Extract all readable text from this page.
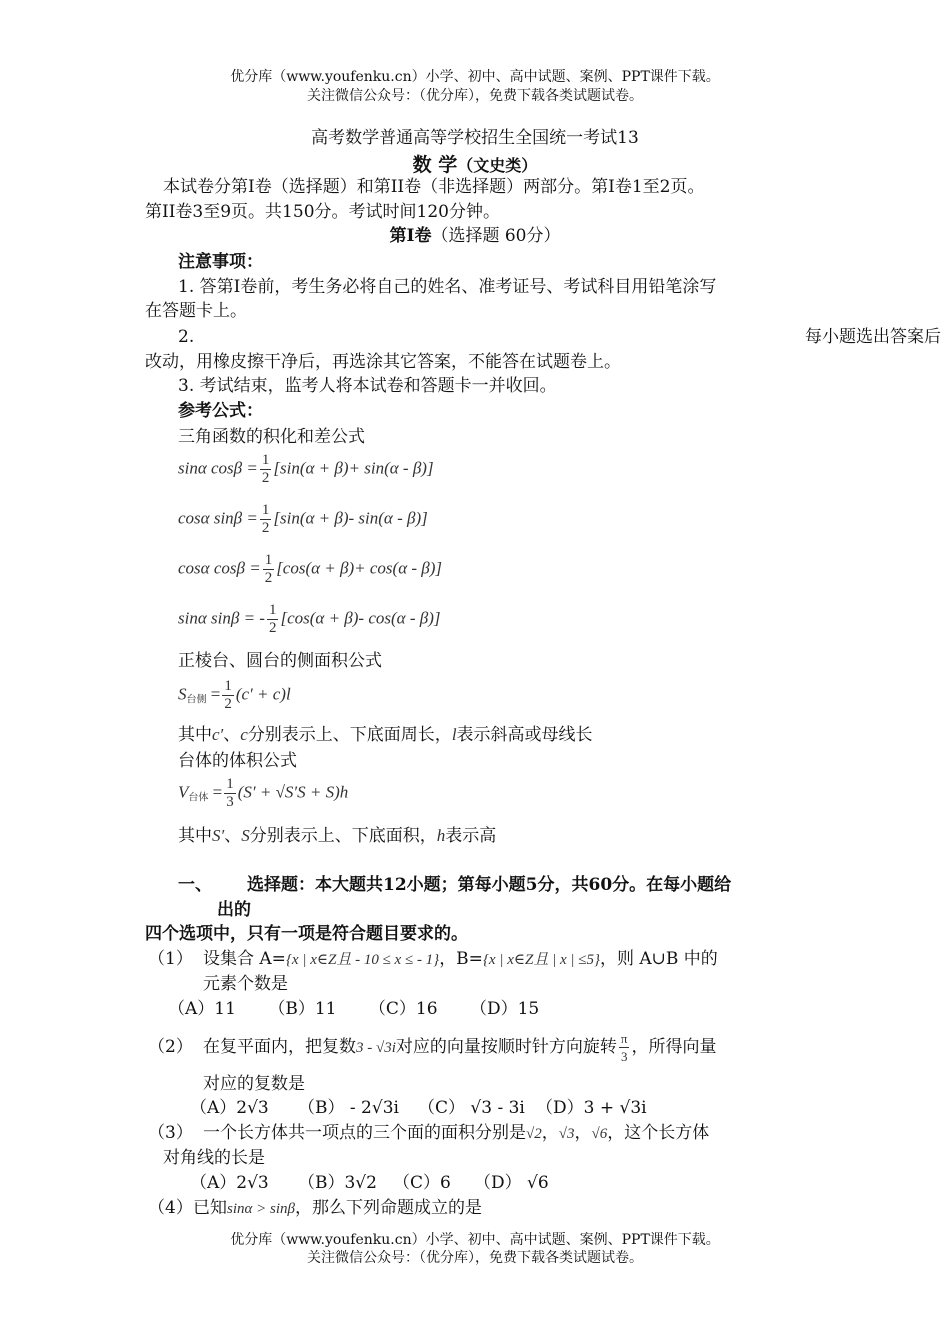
优分库（www.youfenku.cn）小学、初中、高中试题、案例、PPT课件下载。
关注微信公众号：（优分库），免费下载各类试题试卷。
高考数学普通高等学校招生全国统一考试13
数 学（文史类）
本试卷分第I卷（选择题）和第II卷（非选择题）两部分。第I卷1至2页。
第II卷3至9页。共150分。考试时间120分钟。
第I卷（选择题 60分）
注意事项：
1. 答第Ⅰ卷前，考生务必将自己的姓名、准考证号、考试科目用铅笔涂写
在答题卡上。
2.	每小题选出答案后
改动，用橡皮擦干净后，再选涂其它答案，不能答在试题卷上。
3. 考试结束，监考人将本试卷和答题卡一并收回。
参考公式：
三角函数的积化和差公式
sinα $\cos\beta = \frac{1}{2} [\sin(\alpha + \beta)+ \sin(\alpha - \beta)]$
cosα $\sin\beta = \frac{1}{2} [\sin(\alpha + \beta)-$ sin(α - β)]
cosα $\cos\beta = \frac{1}{2} [\cos(\alpha + \beta)+ \cos(\alpha - \beta)]$
sinα sinβ = - $\frac{1}{2} [\cos(\alpha + \beta)-$ cos(α - β)]
正棱台、圆台的侧面积公式
$S_{台侧} = \frac{1}{2} (c' + c)l$
其中c′、c分别表示上、下底面周长，l表示斜高或母线长
台体的体积公式
$V_{台体} = \frac{1}{3} (S' + √S'S + S)h$
其中S′、S分别表示上、下底面积，h表示高
一、 选择题：本大题共12小题；第每小题5分，共60分。在每小题给
出的
四个选项中，只有一项是符合题目要求的。
（1） 设集合 A={x | x∈Z且 - 10 ≤ x ≤ - 1}，B={x | x∈Z且 | x | ≤5}，则 A∪B 中的
元素个数是
（A）11      （B）11      （C）16      （D）15
（2） 在复平面内，把复数3 - √3i对应的向量按顺时针方向旋转 $\frac{\pi}{3}$ ，所得向量
对应的复数是
（A）2√3 （B） - 2√3i （C） √3 - 3i （D）3 + √3i
（3） 一个长方体共一项点的三个面的面积分别是√2，√3，√6，这个长方体
对角线的长是
（A）2√3 （B）3√2 （C）6 （D） √6
（4） 已知sinα > sinβ，那么下列命题成立的是
优分库（www.youfenku.cn）小学、初中、高中试题、案例、PPT课件下载。
关注微信公众号：（优分库），免费下载各类试题试卷。
